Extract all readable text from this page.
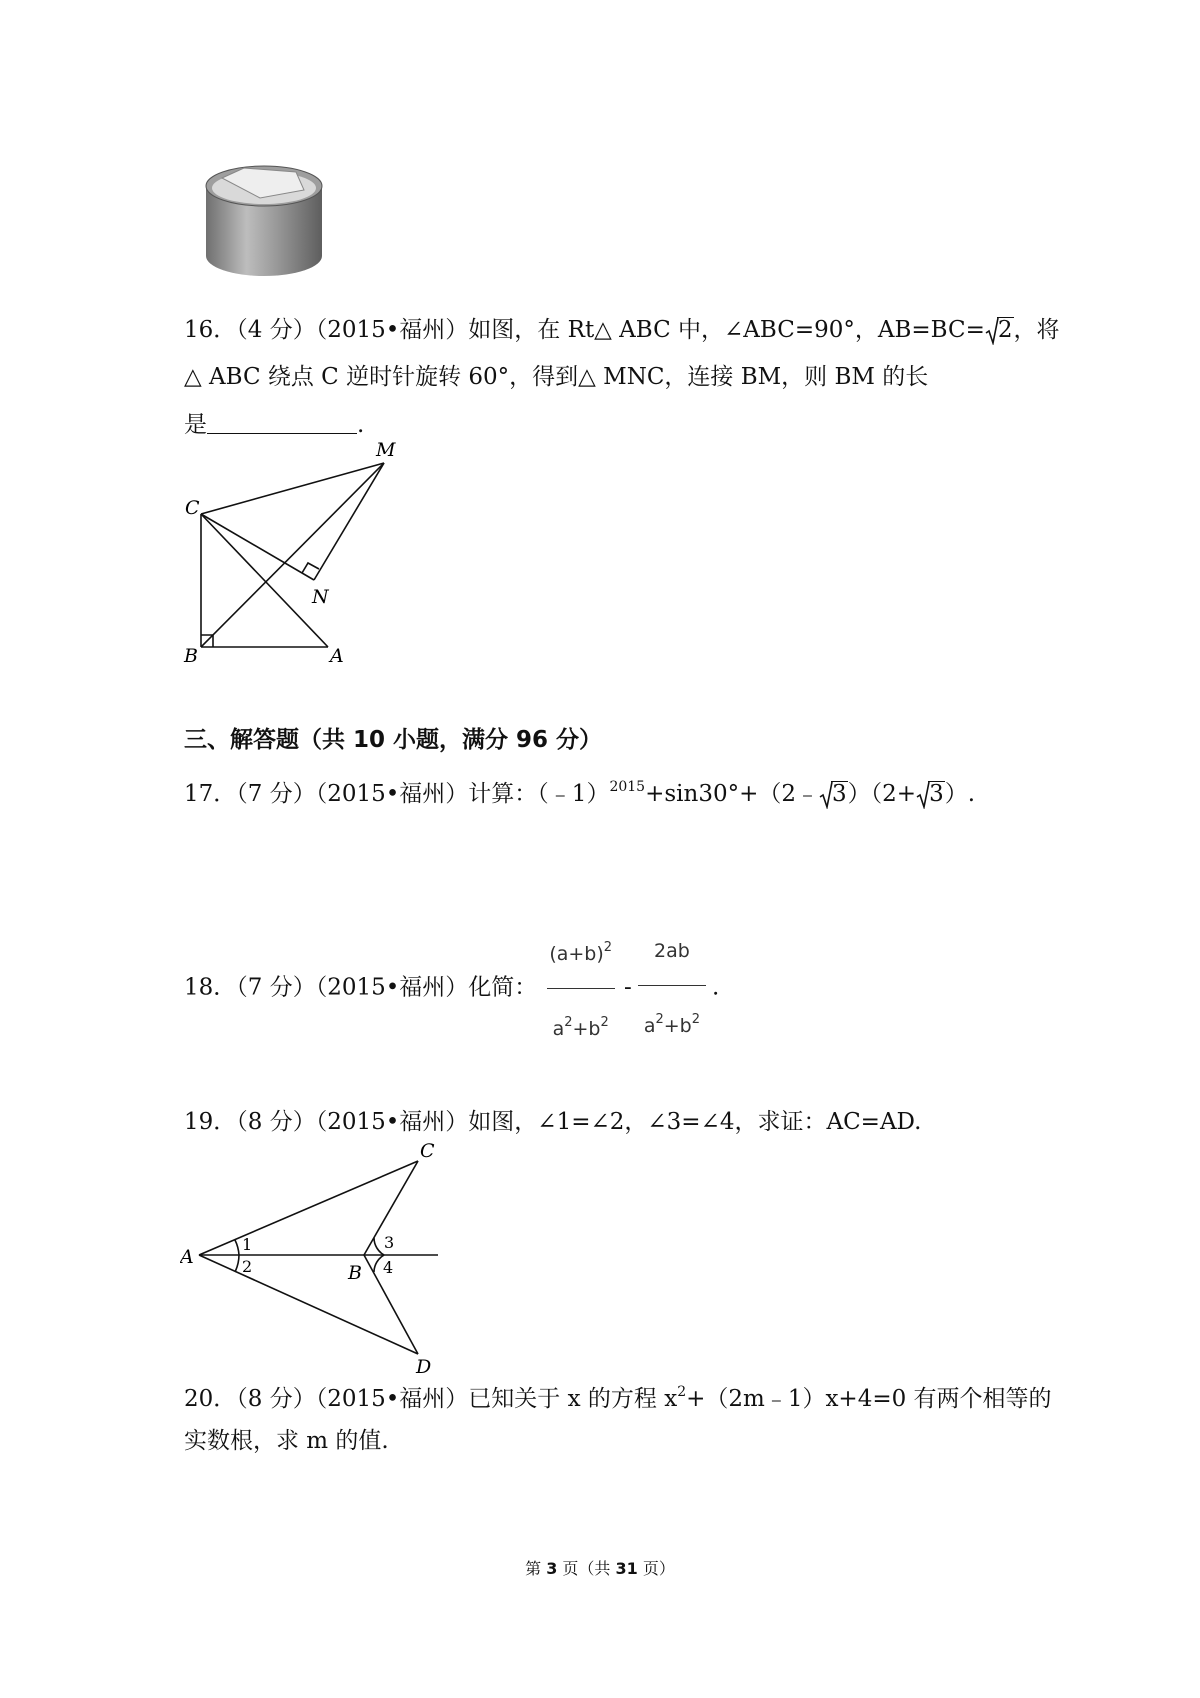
16．（4 分）（2015•福州）如图，在 Rt△ ABC 中，∠ABC=90°，AB=BC= 2，将
△ ABC 绕点 C 逆时针旋转 60°，得到△ MNC，连接 BM，则 BM 的长
是	.
M
C
N
B	A
三、解答题（共 10 小题，满分 96 分）
17．（7 分）（2015•福州）计算：（﹣1）$^{2015}$+sin30°+（2﹣ 3）（2+ 3）.
18．（7 分）（2015•福州）化简： $\frac{(a+b)^2}{a^2+b^2} - \frac{2ab}{a^2+b^2}$ .
19．（8 分）（2015•福州）如图，∠1=∠2，∠3=∠4，求证：AC=AD.
A
B
C
D
1
2
3
4
20．（8 分）（2015•福州）已知关于 x 的方程 $x^2+(2m﹣1)x+4=0$ 有两个相等的
实数根，求 m 的值.
第 3 页（共 31 页）
